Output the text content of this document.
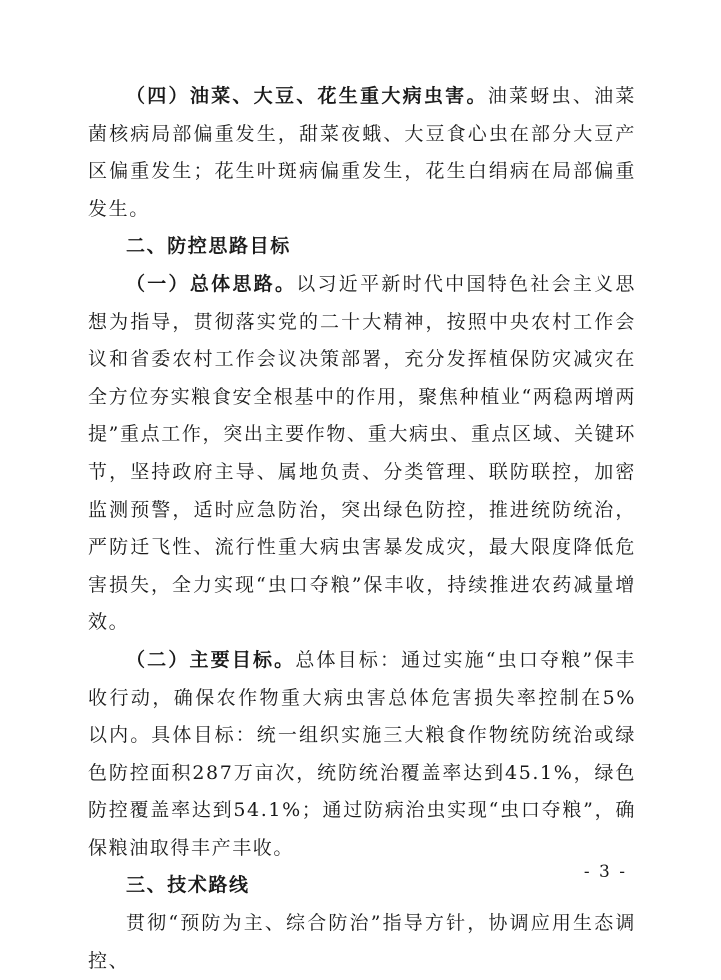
（四）油菜、大豆、花生重大病虫害。油菜蚜虫、油菜菌核病局部偏重发生，甜菜夜蛾、大豆食心虫在部分大豆产区偏重发生；花生叶斑病偏重发生，花生白绢病在局部偏重发生。

二、防控思路目标

（一）总体思路。以习近平新时代中国特色社会主义思想为指导，贯彻落实党的二十大精神，按照中央农村工作会议和省委农村工作会议决策部署，充分发挥植保防灾减灾在全方位夯实粮食安全根基中的作用，聚焦种植业“两稳两增两提”重点工作，突出主要作物、重大病虫、重点区域、关键环节，坚持政府主导、属地负责、分类管理、联防联控，加密监测预警，适时应急防治，突出绿色防控，推进统防统治，严防迁飞性、流行性重大病虫害暴发成灾，最大限度降低危害损失，全力实现“虫口夺粮”保丰收，持续推进农药减量增效。

（二）主要目标。总体目标：通过实施“虫口夺粮”保丰收行动，确保农作物重大病虫害总体危害损失率控制在5%以内。具体目标：统一组织实施三大粮食作物统防统治或绿色防控面积287万亩次，统防统治覆盖率达到45.1%，绿色防控覆盖率达到54.1%；通过防病治虫实现“虫口夺粮”，确保粮油取得丰产丰收。

三、技术路线

贯彻“预防为主、综合防治”指导方针，协调应用生态调控、

- 3 -
